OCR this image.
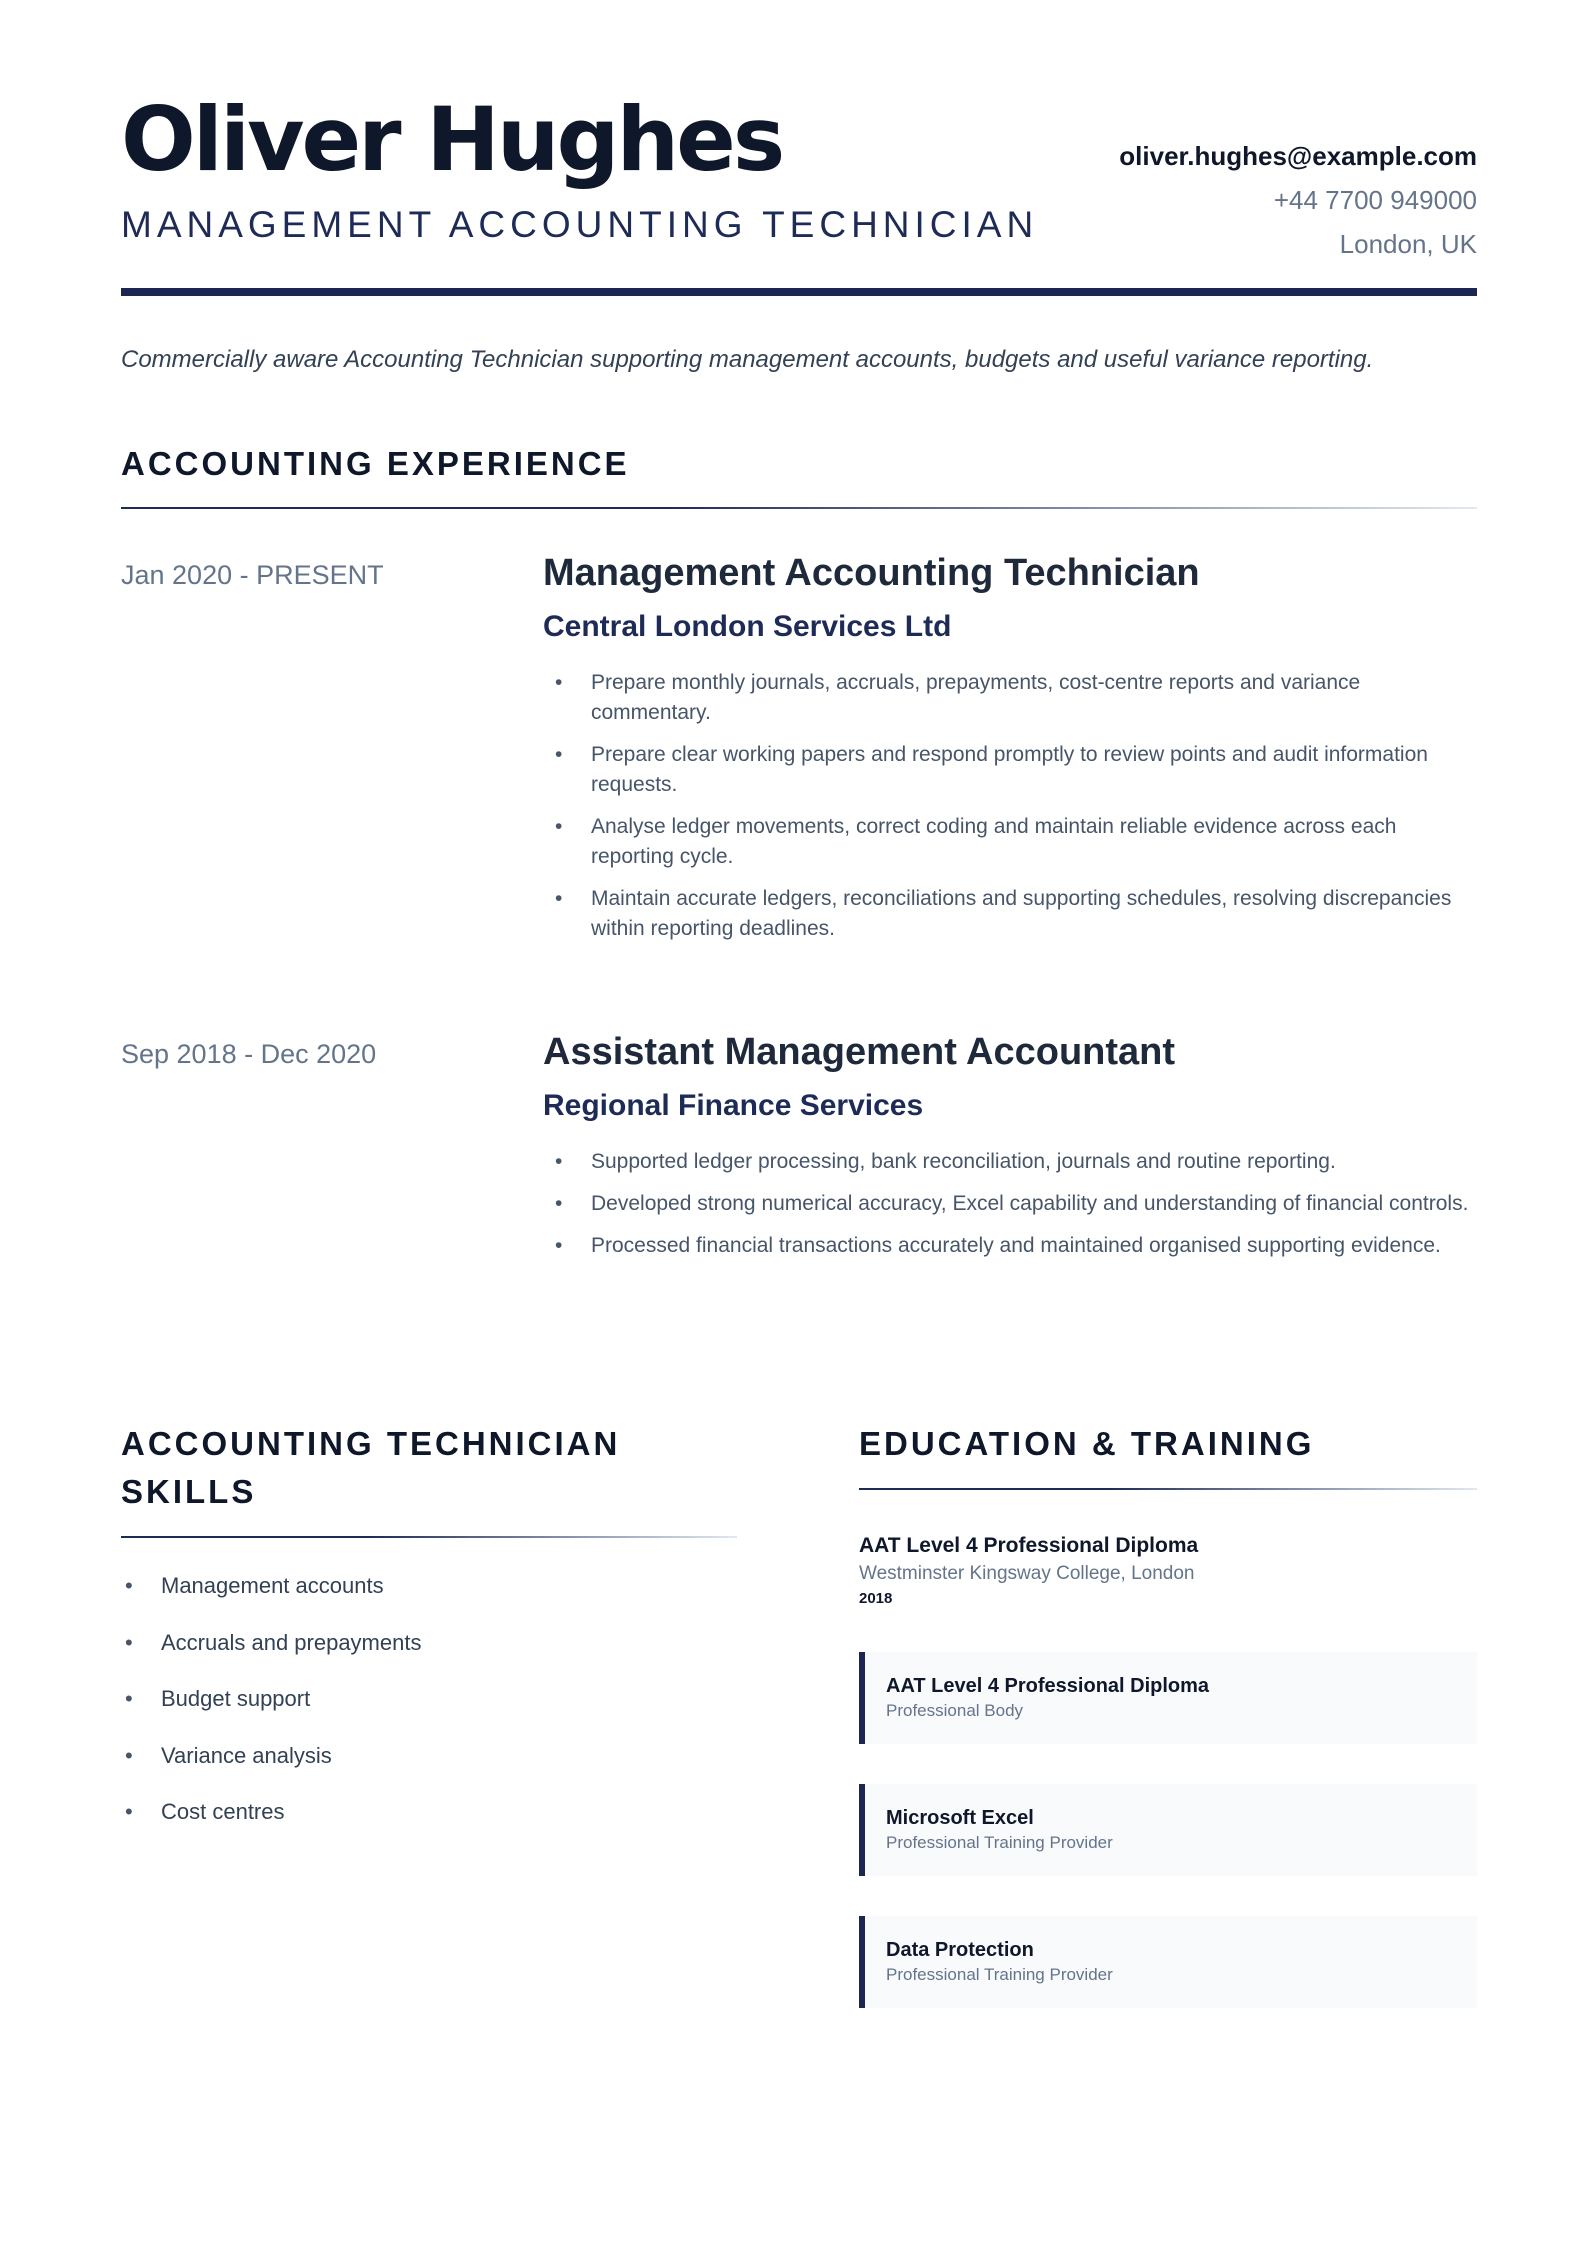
Oliver Hughes
MANAGEMENT ACCOUNTING TECHNICIAN
oliver.hughes@example.com
+44 7700 949000
London, UK
Commercially aware Accounting Technician supporting management accounts, budgets and useful variance reporting.
ACCOUNTING EXPERIENCE
Jan 2020 - PRESENT	Management Accounting Technician
Central London Services Ltd
• Prepare monthly journals, accruals, prepayments, cost-centre reports and variance commentary.
• Prepare clear working papers and respond promptly to review points and audit information requests.
• Analyse ledger movements, correct coding and maintain reliable evidence across each reporting cycle.
• Maintain accurate ledgers, reconciliations and supporting schedules, resolving discrepancies within reporting deadlines.
Sep 2018 - Dec 2020	Assistant Management Accountant
Regional Finance Services
• Supported ledger processing, bank reconciliation, journals and routine reporting.
• Developed strong numerical accuracy, Excel capability and understanding of financial controls.
• Processed financial transactions accurately and maintained organised supporting evidence.
ACCOUNTING TECHNICIAN
SKILLS
• Management accounts
• Accruals and prepayments
• Budget support
• Variance analysis
• Cost centres
EDUCATION & TRAINING
AAT Level 4 Professional Diploma
Westminster Kingsway College, London
2018
AAT Level 4 Professional Diploma
Professional Body
Microsoft Excel
Professional Training Provider
Data Protection
Professional Training Provider
